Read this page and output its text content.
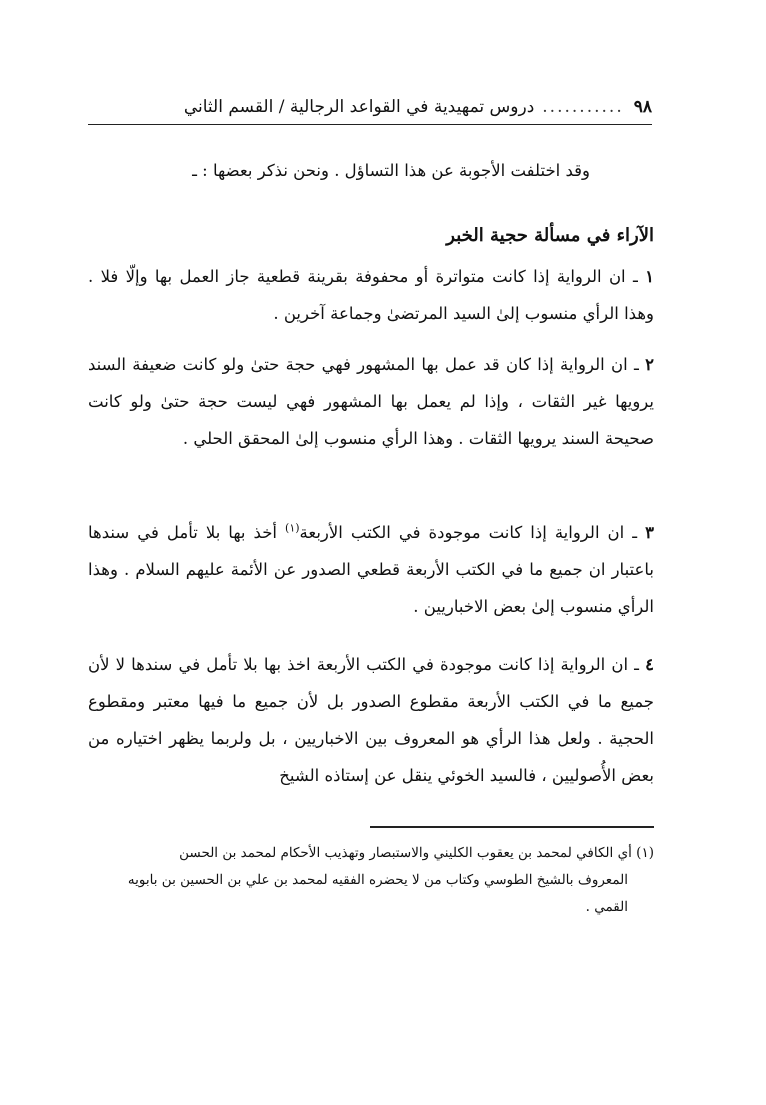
٩٨
...........
دروس تمهيدية في القواعد الرجالية / القسم الثاني
وقد اختلفت الأجوبة عن هذا التساؤل . ونحن نذكر بعضها : ـ
الآراء في مسألة حجية الخبر
١ ـ ان الرواية إذا كانت متواترة أو محفوفة بقرينة قطعية جاز العمل بها وإلّا فلا . وهذا الرأي منسوب إلىٰ السيد المرتضىٰ وجماعة آخرين .
٢ ـ ان الرواية إذا كان قد عمل بها المشهور فهي حجة حتىٰ ولو كانت ضعيفة السند يرويها غير الثقات ، وإذا لم يعمل بها المشهور فهي ليست حجة حتىٰ ولو كانت صحيحة السند يرويها الثقات . وهذا الرأي منسوب إلىٰ المحقق الحلي .
٣ ـ ان الرواية إذا كانت موجودة في الكتب الأربعة$^{(١)}$ أخذ بها بلا تأمل في سندها باعتبار ان جميع ما في الكتب الأربعة قطعي الصدور عن الأئمة عليهم السلام . وهذا الرأي منسوب إلىٰ بعض الاخباريين .
٤ ـ ان الرواية إذا كانت موجودة في الكتب الأربعة اخذ بها بلا تأمل في سندها لا لأن جميع ما في الكتب الأربعة مقطوع الصدور بل لأن جميع ما فيها معتبر ومقطوع الحجية . ولعل هذا الرأي هو المعروف بين الاخباريين ، بل ولربما يظهر اختياره من بعض الأُصوليين ، فالسيد الخوئي ينقل عن إستاذه الشيخ
(١) أي الكافي لمحمد بن يعقوب الكليني والاستبصار وتهذيب الأحكام لمحمد بن الحسن
المعروف بالشيخ الطوسي وكتاب من لا يحضره الفقيه لمحمد بن علي بن الحسين بن بابويه
القمي .
